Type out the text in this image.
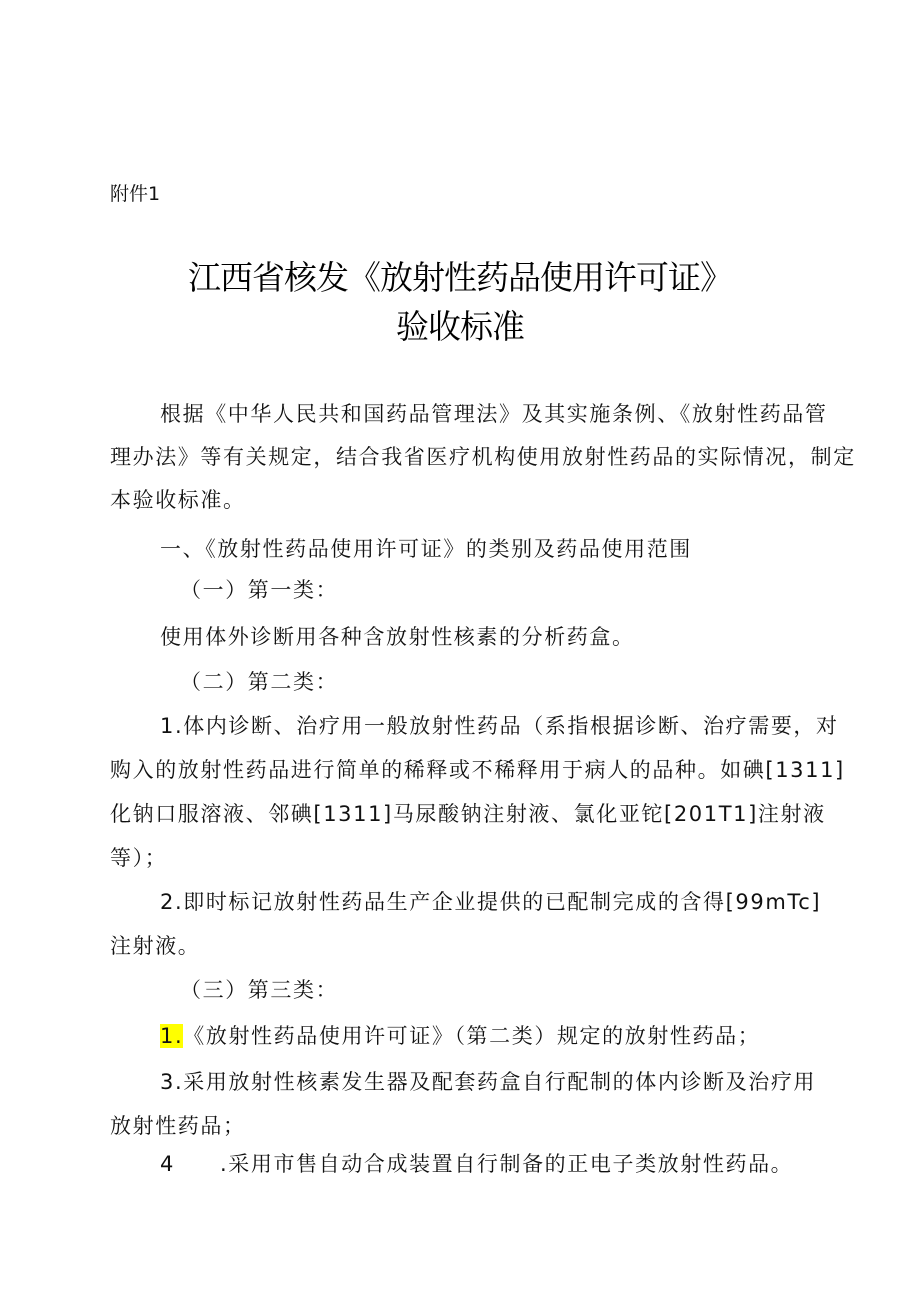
附件1
江西省核发《放射性药品使用许可证》
验收标准
根据《中华人民共和国药品管理法》及其实施条例、《放射性药品管
理办法》等有关规定，结合我省医疗机构使用放射性药品的实际情况，制定
本验收标准。
一、《放射性药品使用许可证》的类别及药品使用范围
（一）第一类：
使用体外诊断用各种含放射性核素的分析药盒。
（二）第二类：
1.体内诊断、治疗用一般放射性药品（系指根据诊断、治疗需要，对
购入的放射性药品进行简单的稀释或不稀释用于病人的品种。如碘[1311]
化钠口服溶液、邻碘[1311]马尿酸钠注射液、氯化亚铊[201T1]注射液
等）；
2.即时标记放射性药品生产企业提供的已配制完成的含得[99mTc]
注射液。
（三）第三类：
1.《放射性药品使用许可证》（第二类）规定的放射性药品；
3.采用放射性核素发生器及配套药盒自行配制的体内诊断及治疗用
放射性药品；
4 .采用市售自动合成装置自行制备的正电子类放射性药品。
